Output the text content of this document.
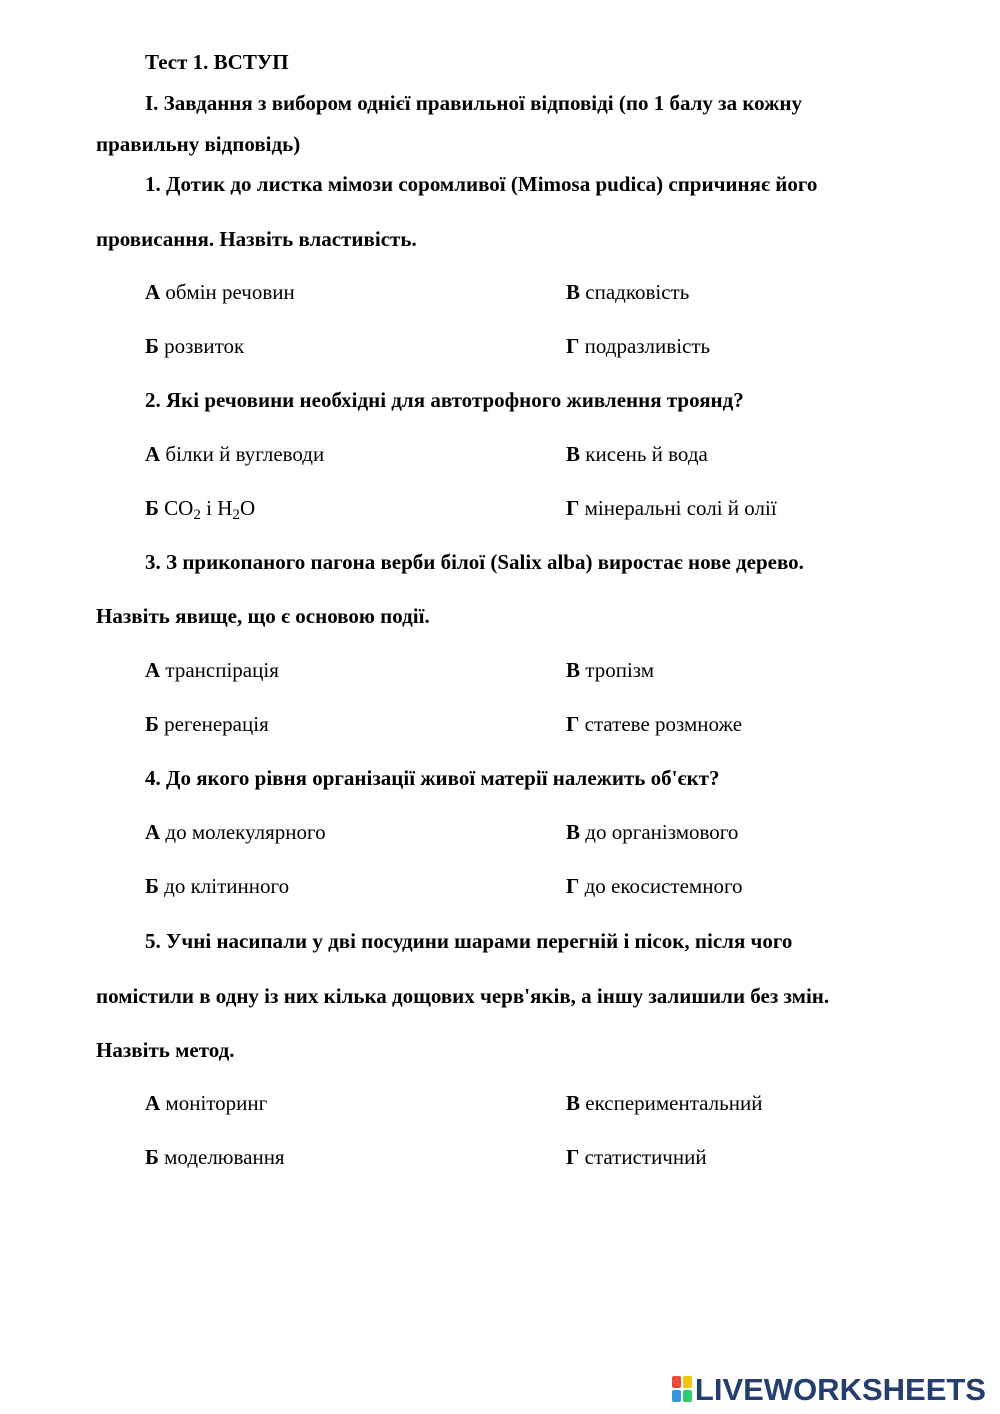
Тест 1. ВСТУП
І. Завдання з вибором однієї правильної відповіді (по 1 балу за кожну
правильну відповідь)
1. Дотик до листка мімози соромливої (Mimosa pudica) спричиняє його
провисання. Назвіть властивість.
А обмін речовин	В спадковість
Б розвиток	Г подразливість
2. Які речовини необхідні для автотрофного живлення троянд?
А білки й вуглеводи	В кисень й вода
Б $CO_2$ і $H_2O$	Г мінеральні солі й олії
3. З прикопаного пагона верби білої (Salix alba) виростає нове дерево.
Назвіть явище, що є основою події.
А транспірація	В тропізм
Б регенерація	Г статеве розмноже
4. До якого рівня організації живої матерії належить об'єкт?
А до молекулярного	В до організмового
Б до клітинного	Г до екосистемного
5. Учні насипали у дві посудини шарами перегній і пісок, після чого
помістили в одну із них кілька дощових черв'яків, а іншу залишили без змін.
Назвіть метод.
А моніторинг	В експериментальний
Б моделювання	Г статистичний
LIVEWORKSHEETS
